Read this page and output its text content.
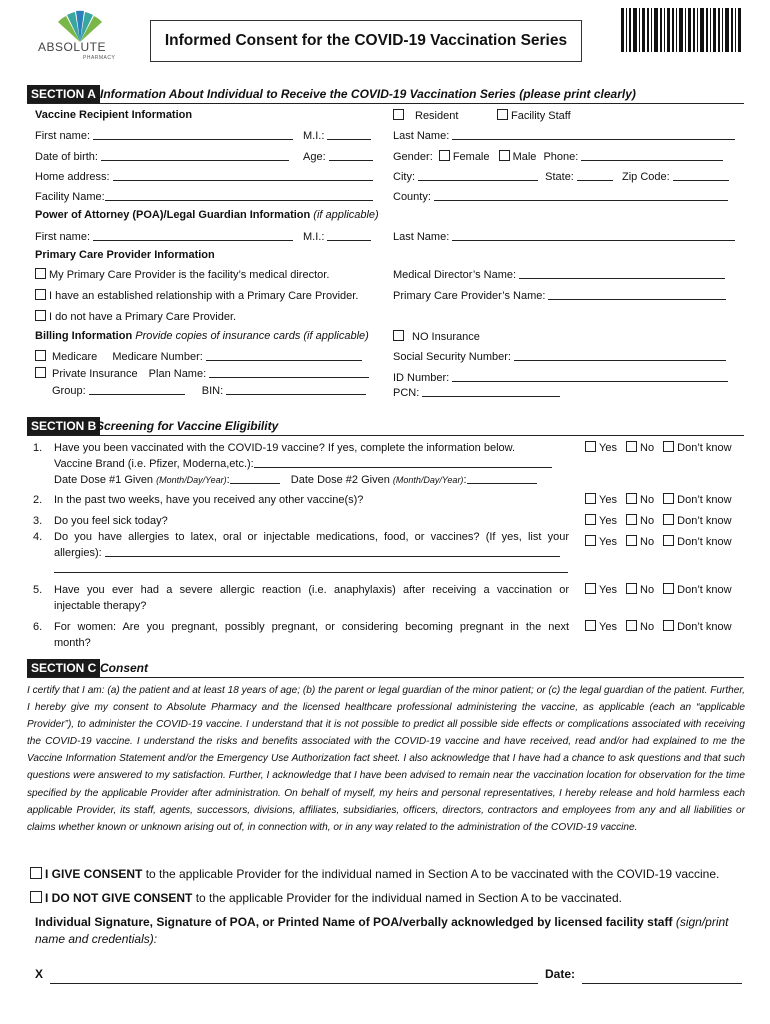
ABSOLUTE
PHARMACY
Informed Consent for the COVID-19 Vaccination Series
SECTION A Information About Individual to Receive the COVID-19 Vaccination Series (please print clearly)
Vaccine Recipient Information	Resident	Facility Staff
First name:	M.I.:	Last Name:
Date of birth:	Age:	Gender: Female Male Phone:
Home address:	City:	State:	Zip Code:
Facility Name:	County:
Power of Attorney (POA)/Legal Guardian Information (if applicable)
First name:	M.I.:	Last Name:
Primary Care Provider Information
My Primary Care Provider is the facility’s medical director.	Medical Director’s Name:
I have an established relationship with a Primary Care Provider.	Primary Care Provider’s Name:
I do not have a Primary Care Provider.
Billing Information Provide copies of insurance cards (if applicable)	NO Insurance
Medicare Medicare Number:	Social Security Number:
Private Insurance Plan Name:	ID Number:
Group:	BIN:	PCN:
SECTION B Screening for Vaccine Eligibility
1. Have you been vaccinated with the COVID-19 vaccine? If yes, complete the information below.
Vaccine Brand (i.e. Pfizer, Moderna,etc.):
Date Dose #1 Given (Month/Day/Year):	Date Dose #2 Given (Month/Day/Year):
Yes No Don’t know
2. In the past two weeks, have you received any other vaccine(s)?	Yes No Don’t know
3. Do you feel sick today?	Yes No Don’t know
4. Do you have allergies to latex, oral or injectable medications, food, or vaccines? (If yes, list your
allergies):
Yes No Don’t know
5. Have you ever had a severe allergic reaction (i.e. anaphylaxis) after receiving a vaccination or
injectable therapy?
Yes No Don’t know
6. For women: Are you pregnant, possibly pregnant, or considering becoming pregnant in the next
month?
Yes No Don’t know
SECTION C Consent
I certify that I am: (a) the patient and at least 18 years of age; (b) the parent or legal guardian of the minor patient; or (c) the legal guardian of the patient. Further, I hereby give my consent to Absolute Pharmacy and the licensed healthcare professional administering the vaccine, as applicable (each an “applicable Provider”), to administer the COVID-19 vaccine. I understand that it is not possible to predict all possible side effects or complications associated with receiving the COVID-19 vaccine. I understand the risks and benefits associated with the COVID-19 vaccine and have received, read and/or had explained to me the Vaccine Information Statement and/or the Emergency Use Authorization fact sheet. I also acknowledge that I have had a chance to ask questions and that such questions were answered to my satisfaction. Further, I acknowledge that I have been advised to remain near the vaccination location for observation for the time specified by the applicable Provider after administration. On behalf of myself, my heirs and personal representatives, I hereby release and hold harmless each applicable Provider, its staff, agents, successors, divisions, affiliates, subsidiaries, officers, directors, contractors and employees from any and all liabilities or claims whether known or unknown arising out of, in connection with, or in any way related to the administration of the COVID-19 vaccine.
I GIVE CONSENT to the applicable Provider for the individual named in Section A to be vaccinated with the COVID-19 vaccine.
I DO NOT GIVE CONSENT to the applicable Provider for the individual named in Section A to be vaccinated.
Individual Signature, Signature of POA, or Printed Name of POA/verbally acknowledged by licensed facility staff (sign/print name and credentials):
X	Date:
